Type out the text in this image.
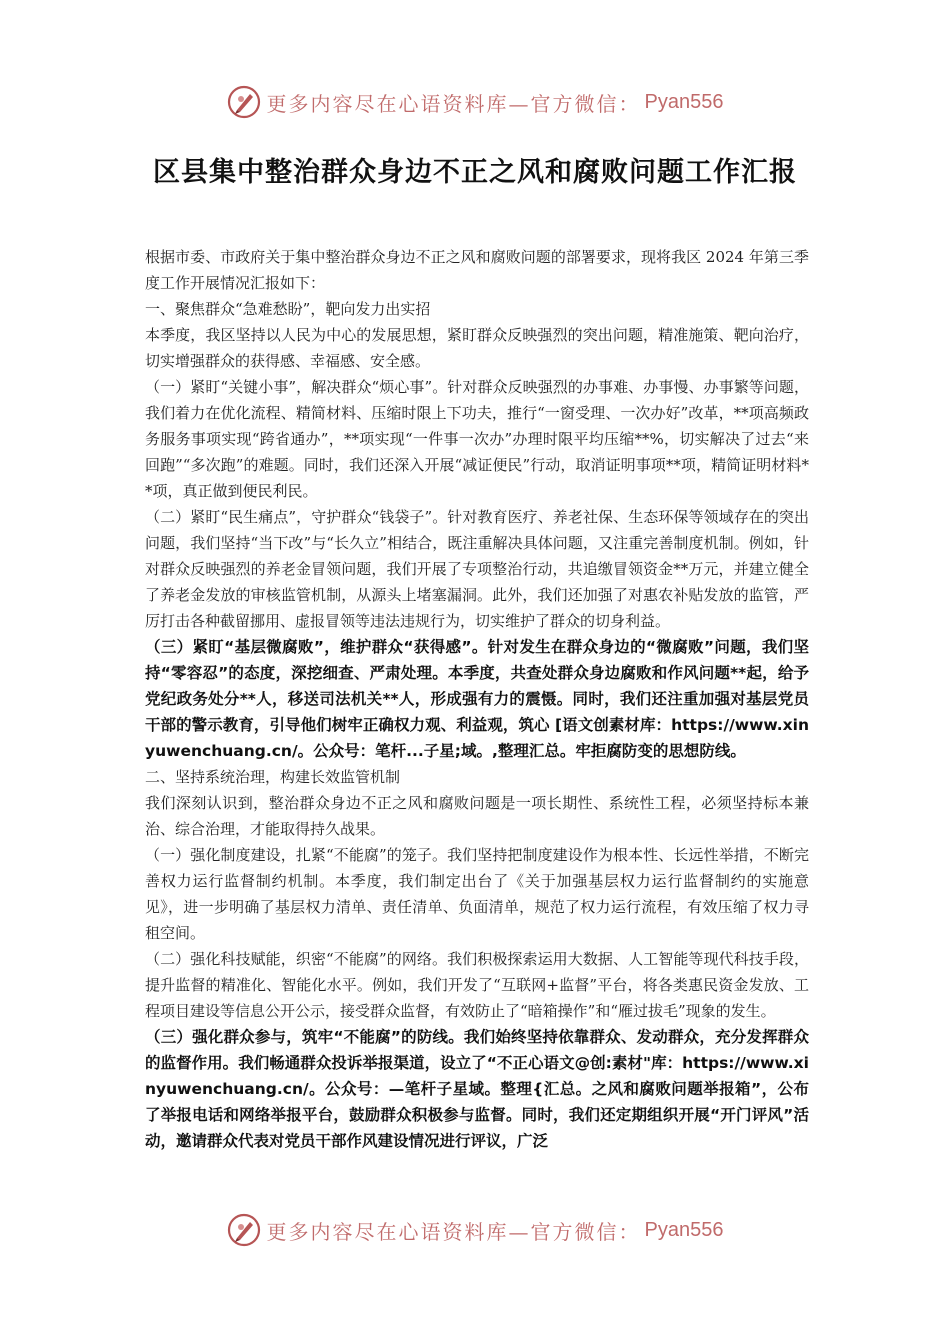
更多内容尽在心语资料库—官方微信： Pyan556
区县集中整治群众身边不正之风和腐败问题工作汇报

根据市委、市政府关于集中整治群众身边不正之风和腐败问题的部署要求，现将我区 2024 年第三季度工作开展情况汇报如下：

一、聚焦群众“急难愁盼”，靶向发力出实招

本季度，我区坚持以人民为中心的发展思想，紧盯群众反映强烈的突出问题，精准施策、靶向治疗，切实增强群众的获得感、幸福感、安全感。

（一）紧盯“关键小事”，解决群众“烦心事”。针对群众反映强烈的办事难、办事慢、办事繁等问题，我们着力在优化流程、精简材料、压缩时限上下功夫，推行“一窗受理、一次办好”改革，**项高频政务服务事项实现“跨省通办”，**项实现“一件事一次办”办理时限平均压缩**%，切实解决了过去“来回跑”“多次跑”的难题。同时，我们还深入开展“减证便民”行动，取消证明事项**项，精简证明材料**项，真正做到便民利民。

（二）紧盯“民生痛点”，守护群众“钱袋子”。针对教育医疗、养老社保、生态环保等领域存在的突出问题，我们坚持“当下改”与“长久立”相结合，既注重解决具体问题，又注重完善制度机制。例如，针对群众反映强烈的养老金冒领问题，我们开展了专项整治行动，共追缴冒领资金**万元，并建立健全了养老金发放的审核监管机制，从源头上堵塞漏洞。此外，我们还加强了对惠农补贴发放的监管，严厉打击各种截留挪用、虚报冒领等违法违规行为，切实维护了群众的切身利益。

（三）紧盯“基层微腐败”，维护群众“获得感”。针对发生在群众身边的“微腐败”问题，我们坚持“零容忍”的态度，深挖细查、严肃处理。本季度，共查处群众身边腐败和作风问题**起，给予党纪政务处分**人，移送司法机关**人，形成强有力的震慑。同时，我们还注重加强对基层党员干部的警示教育，引导他们树牢正确权力观、利益观，筑心 [语文创素材库：https://www.xinyuwenchuang.cn/。公众号：笔杆...子星;域。,整理汇总。牢拒腐防变的思想防线。

二、坚持系统治理，构建长效监管机制

我们深刻认识到，整治群众身边不正之风和腐败问题是一项长期性、系统性工程，必须坚持标本兼治、综合治理，才能取得持久战果。

（一）强化制度建设，扎紧“不能腐”的笼子。我们坚持把制度建设作为根本性、长远性举措，不断完善权力运行监督制约机制。本季度，我们制定出台了《关于加强基层权力运行监督制约的实施意见》，进一步明确了基层权力清单、责任清单、负面清单，规范了权力运行流程，有效压缩了权力寻租空间。

（二）强化科技赋能，织密“不能腐”的网络。我们积极探索运用大数据、人工智能等现代科技手段，提升监督的精准化、智能化水平。例如，我们开发了“互联网+监督”平台，将各类惠民资金发放、工程项目建设等信息公开公示，接受群众监督，有效防止了“暗箱操作”和“雁过拔毛”现象的发生。

（三）强化群众参与，筑牢“不能腐”的防线。我们始终坚持依靠群众、发动群众，充分发挥群众的监督作用。我们畅通群众投诉举报渠道，设立了“不正心语文@创:素材"库：https://www.xinyuwenchuang.cn/。公众号：—笔杆子星域。整理{汇总。之风和腐败问题举报箱”，公布了举报电话和网络举报平台，鼓励群众积极参与监督。同时，我们还定期组织开展“开门评风”活动，邀请群众代表对党员干部作风建设情况进行评议，广泛

更多内容尽在心语资料库—官方微信： Pyan556
